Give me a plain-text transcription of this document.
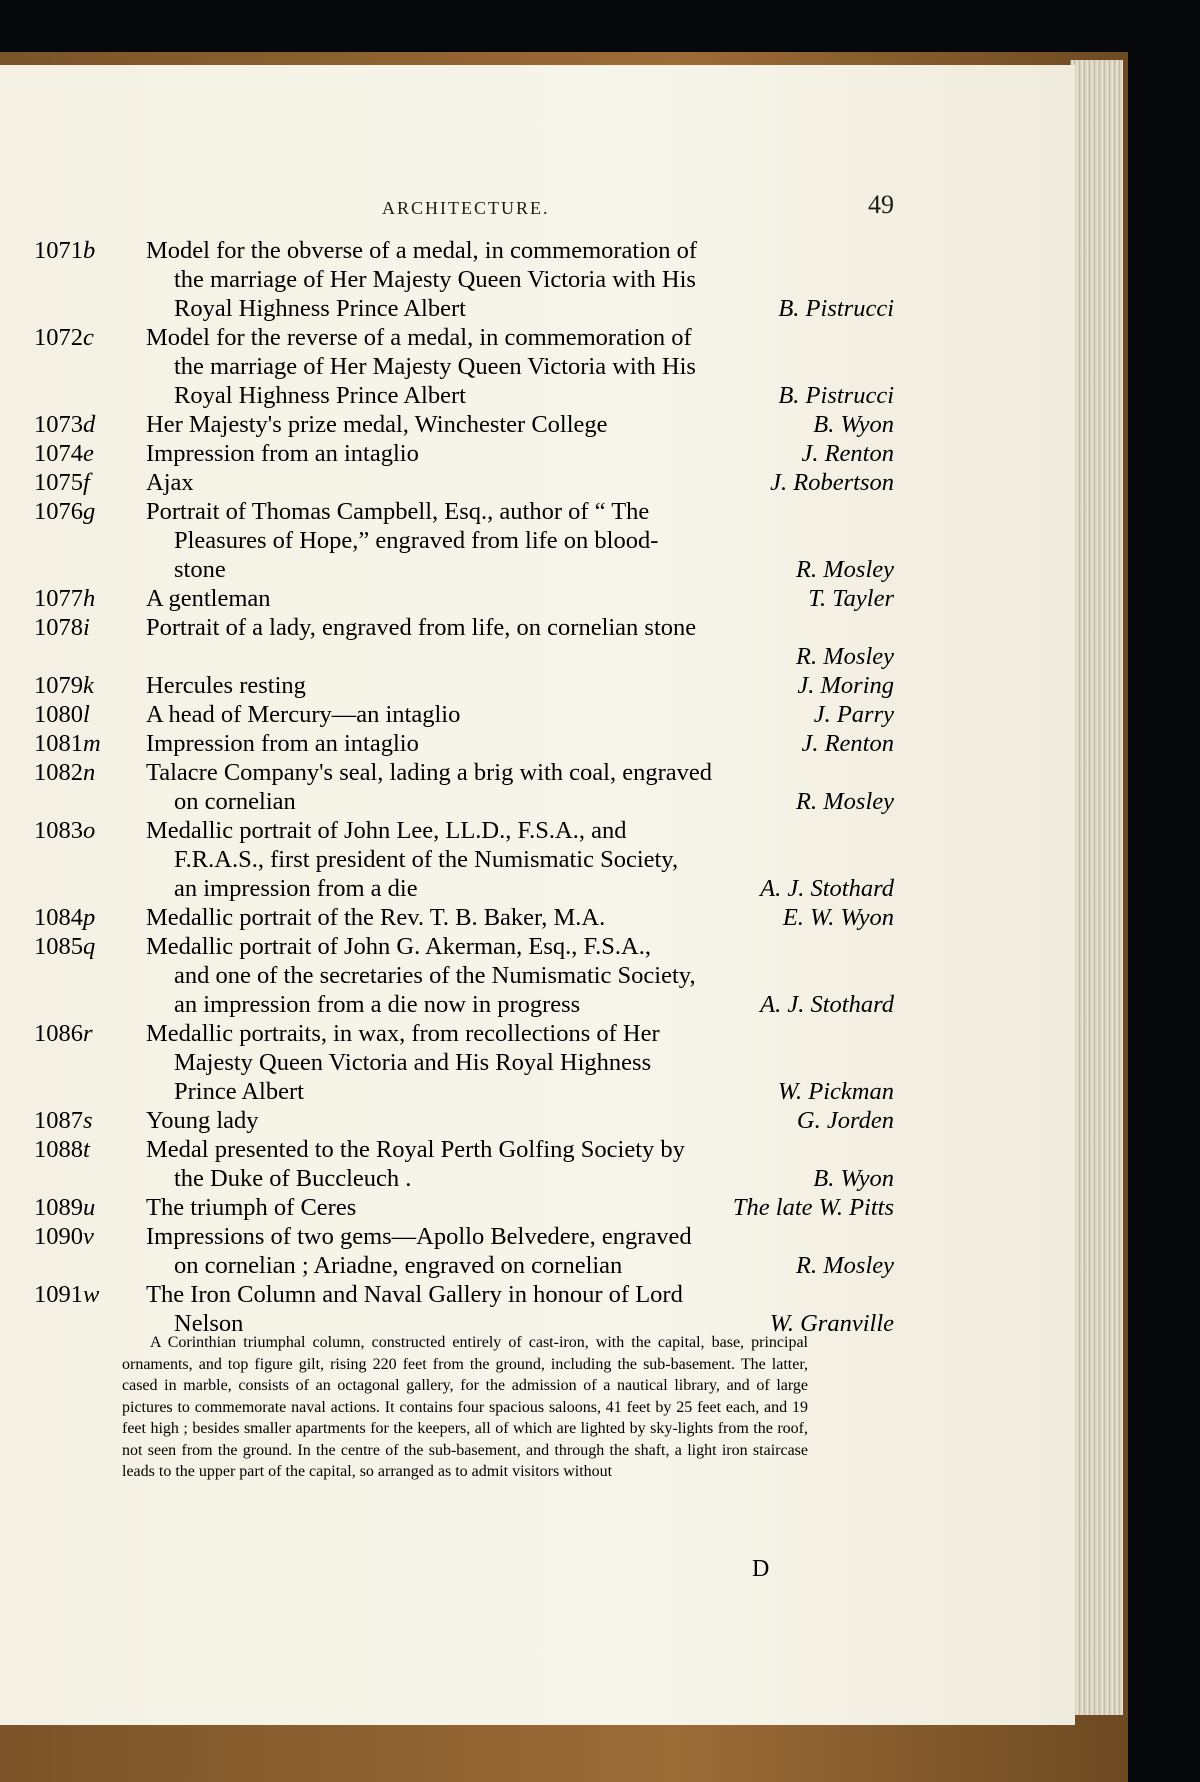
ARCHITECTURE.	49
1071b Model for the obverse of a medal, in commemoration of
the marriage of Her Majesty Queen Victoria with His
Royal Highness Prince Albert	B. Pistrucci
1072c Model for the reverse of a medal, in commemoration of
the marriage of Her Majesty Queen Victoria with His
Royal Highness Prince Albert	B. Pistrucci
1073d Her Majesty's prize medal, Winchester College	B. Wyon
1074e Impression from an intaglio	J. Renton
1075f Ajax	J. Robertson
1076g Portrait of Thomas Campbell, Esq., author of “ The
Pleasures of Hope,” engraved from life on blood-
stone	R. Mosley
1077h A gentleman	T. Tayler
1078i Portrait of a lady, engraved from life, on cornelian stone
R. Mosley
1079k Hercules resting	J. Moring
1080l A head of Mercury—an intaglio	J. Parry
1081m Impression from an intaglio	J. Renton
1082n Talacre Company's seal, lading a brig with coal, engraved
on cornelian	R. Mosley
1083o Medallic portrait of John Lee, LL.D., F.S.A., and
F.R.A.S., first president of the Numismatic Society,
an impression from a die	A. J. Stothard
1084p Medallic portrait of the Rev. T. B. Baker, M.A.	E. W. Wyon
1085q Medallic portrait of John G. Akerman, Esq., F.S.A.,
and one of the secretaries of the Numismatic Society,
an impression from a die now in progress	A. J. Stothard
1086r Medallic portraits, in wax, from recollections of Her
Majesty Queen Victoria and His Royal Highness
Prince Albert	W. Pickman
1087s Young lady	G. Jorden
1088t Medal presented to the Royal Perth Golfing Society by
the Duke of Buccleuch .	B. Wyon
1089u The triumph of Ceres	The late W. Pitts
1090v Impressions of two gems—Apollo Belvedere, engraved
on cornelian ; Ariadne, engraved on cornelian	R. Mosley
1091w The Iron Column and Naval Gallery in honour of Lord
Nelson	W. Granville
A Corinthian triumphal column, constructed entirely of cast-iron, with the capital, base, principal ornaments, and top figure gilt, rising 220 feet from the ground, including the sub-basement. The latter, cased in marble, consists of an octagonal gallery, for the admission of a nautical library, and of large pictures to commemorate naval actions. It contains four spacious saloons, 41 feet by 25 feet each, and 19 feet high ; besides smaller apartments for the keepers, all of which are lighted by sky-lights from the roof, not seen from the ground. In the centre of the sub-basement, and through the shaft, a light iron staircase leads to the upper part of the capital, so arranged as to admit visitors without
D
